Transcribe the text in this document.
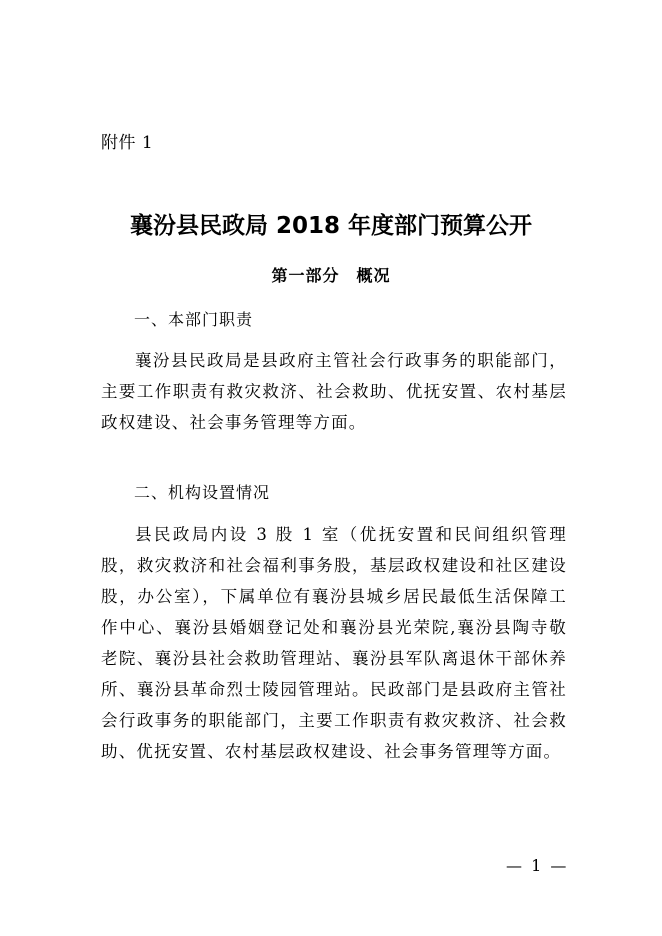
附件 1
襄汾县民政局 2018 年度部门预算公开
第一部分　概况
一、本部门职责

襄汾县民政局是县政府主管社会行政事务的职能部门，主要工作职责有救灾救济、社会救助、优抚安置、农村基层政权建设、社会事务管理等方面。

二、机构设置情况

县民政局内设 3 股 1 室（优抚安置和民间组织管理股，救灾救济和社会福利事务股，基层政权建设和社区建设股，办公室），下属单位有襄汾县城乡居民最低生活保障工作中心、襄汾县婚姻登记处和襄汾县光荣院,襄汾县陶寺敬老院、襄汾县社会救助管理站、襄汾县军队离退休干部休养所、襄汾县革命烈士陵园管理站。民政部门是县政府主管社会行政事务的职能部门，主要工作职责有救灾救济、社会救助、优抚安置、农村基层政权建设、社会事务管理等方面。

— 1 —
